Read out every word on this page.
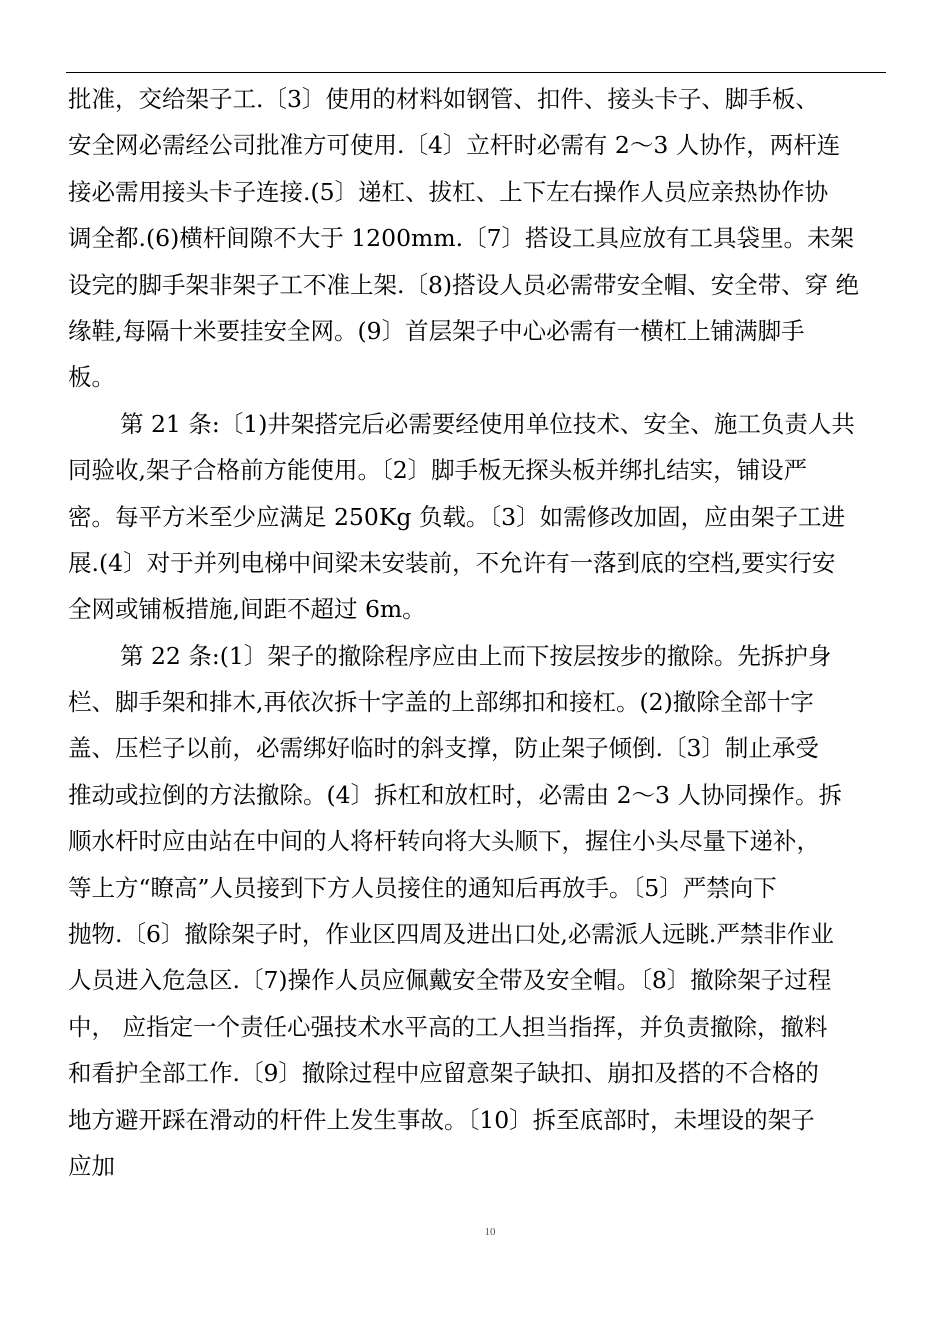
批准，交给架子工.〔3〕使用的材料如钢管、扣件、接头卡子、脚手板、
安全网必需经公司批准方可使用.〔4〕立杆时必需有 2～3 人协作，两杆连
接必需用接头卡子连接.(5〕递杠、拔杠、上下左右操作人员应亲热协作协
调全都.(6)横杆间隙不大于 1200mm.〔7〕搭设工具应放有工具袋里。未架
设完的脚手架非架子工不准上架.〔8)搭设人员必需带安全帽、安全带、穿 绝
缘鞋,每隔十米要挂安全网。(9〕首层架子中心必需有一横杠上铺满脚手
板。
第 21 条:〔1)井架搭完后必需要经使用单位技术、安全、施工负责人共
同验收,架子合格前方能使用。〔2〕脚手板无探头板并绑扎结实，铺设严
密。每平方米至少应满足 250Kg 负载。〔3〕如需修改加固，应由架子工进
展.(4〕对于并列电梯中间梁未安装前，不允许有一落到底的空档,要实行安
全网或铺板措施,间距不超过 6m。
第 22 条:(1〕架子的撤除程序应由上而下按层按步的撤除。先拆护身
栏、脚手架和排木,再依次拆十字盖的上部绑扣和接杠。(2)撤除全部十字
盖、压栏子以前，必需绑好临时的斜支撑，防止架子倾倒.〔3〕制止承受
推动或拉倒的方法撤除。(4〕拆杠和放杠时，必需由 2～3 人协同操作。拆
顺水杆时应由站在中间的人将杆转向将大头顺下，握住小头尽量下递补，
等上方“瞭高”人员接到下方人员接住的通知后再放手。〔5〕严禁向下
抛物.〔6〕撤除架子时，作业区四周及进出口处,必需派人远眺.严禁非作业
人员进入危急区.〔7)操作人员应佩戴安全带及安全帽。〔8〕撤除架子过程
中， 应指定一个责任心强技术水平高的工人担当指挥，并负责撤除，撤料
和看护全部工作.〔9〕撤除过程中应留意架子缺扣、崩扣及搭的不合格的
地方避开踩在滑动的杆件上发生事故。〔10〕拆至底部时，未埋设的架子
应加
10
